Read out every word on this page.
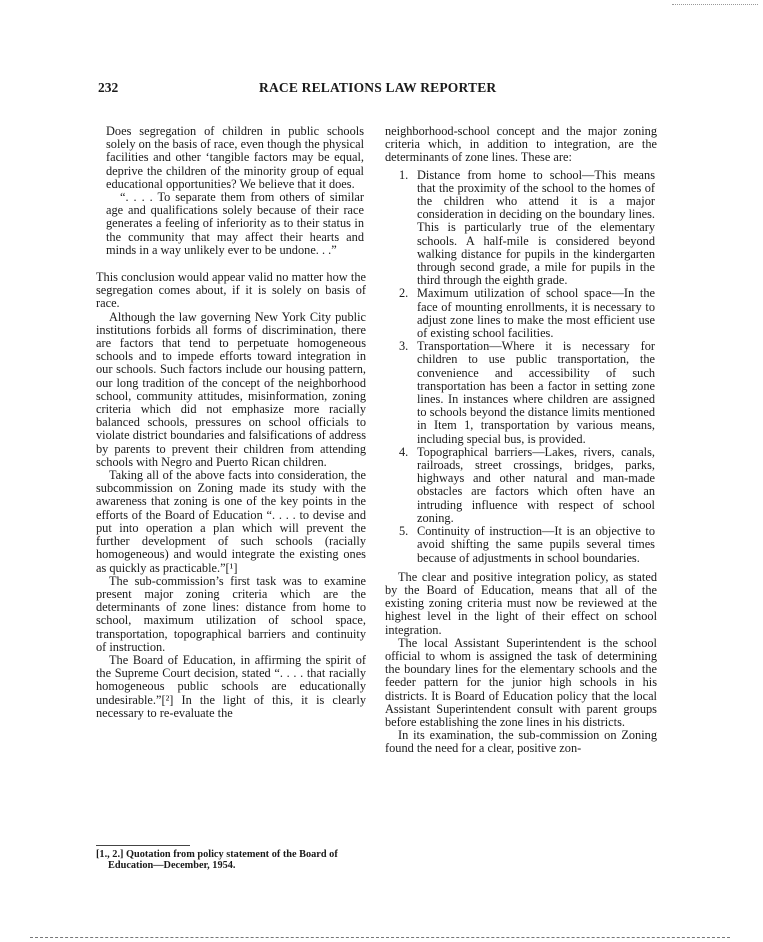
232	RACE RELATIONS LAW REPORTER

Does segregation of children in public schools solely on the basis of race, even though the physical facilities and other ‘tangible factors may be equal, deprive the children of the minority group of equal educational opportunities? We believe that it does.

“. . . . To separate them from others of similar age and qualifications solely because of their race generates a feeling of inferiority as to their status in the community that may affect their hearts and minds in a way unlikely ever to be undone. . .”

This conclusion would appear valid no matter how the segregation comes about, if it is solely on basis of race.

Although the law governing New York City public institutions forbids all forms of discrimination, there are factors that tend to perpetuate homogeneous schools and to impede efforts toward integration in our schools. Such factors include our housing pattern, our long tradition of the concept of the neighborhood school, community attitudes, misinformation, zoning criteria which did not emphasize more racially balanced schools, pressures on school officials to violate district boundaries and falsifications of address by parents to prevent their children from attending schools with Negro and Puerto Rican children.

Taking all of the above facts into consideration, the subcommission on Zoning made its study with the awareness that zoning is one of the key points in the efforts of the Board of Education “. . . . to devise and put into operation a plan which will prevent the further development of such schools (racially homogeneous) and would integrate the existing ones as quickly as practicable.”[¹]

The sub-commission’s first task was to examine present major zoning criteria which are the determinants of zone lines: distance from home to school, maximum utilization of school space, transportation, topographical barriers and continuity of instruction.

The Board of Education, in affirming the spirit of the Supreme Court decision, stated “. . . . that racially homogeneous public schools are educationally undesirable.”[²] In the light of this, it is clearly necessary to re-evaluate the

neighborhood-school concept and the major zoning criteria which, in addition to integration, are the determinants of zone lines. These are:

1. Distance from home to school—This means that the proximity of the school to the homes of the children who attend it is a major consideration in deciding on the boundary lines. This is particularly true of the elementary schools. A half-mile is considered beyond walking distance for pupils in the kindergarten through second grade, a mile for pupils in the third through the eighth grade.
2. Maximum utilization of school space—In the face of mounting enrollments, it is necessary to adjust zone lines to make the most efficient use of existing school facilities.
3. Transportation—Where it is necessary for children to use public transportation, the convenience and accessibility of such transportation has been a factor in setting zone lines. In instances where children are assigned to schools beyond the distance limits mentioned in Item 1, transportation by various means, including special bus, is provided.
4. Topographical barriers—Lakes, rivers, canals, railroads, street crossings, bridges, parks, highways and other natural and man-made obstacles are factors which often have an intruding influence with respect of school zoning.
5. Continuity of instruction—It is an objective to avoid shifting the same pupils several times because of adjustments in school boundaries.

The clear and positive integration policy, as stated by the Board of Education, means that all of the existing zoning criteria must now be reviewed at the highest level in the light of their effect on school integration.

The local Assistant Superintendent is the school official to whom is assigned the task of determining the boundary lines for the elementary schools and the feeder pattern for the junior high schools in his districts. It is Board of Education policy that the local Assistant Superintendent consult with parent groups before establishing the zone lines in his districts.

In its examination, the sub-commission on Zoning found the need for a clear, positive zon-

[1., 2.] Quotation from policy statement of the Board of Education—December, 1954.
